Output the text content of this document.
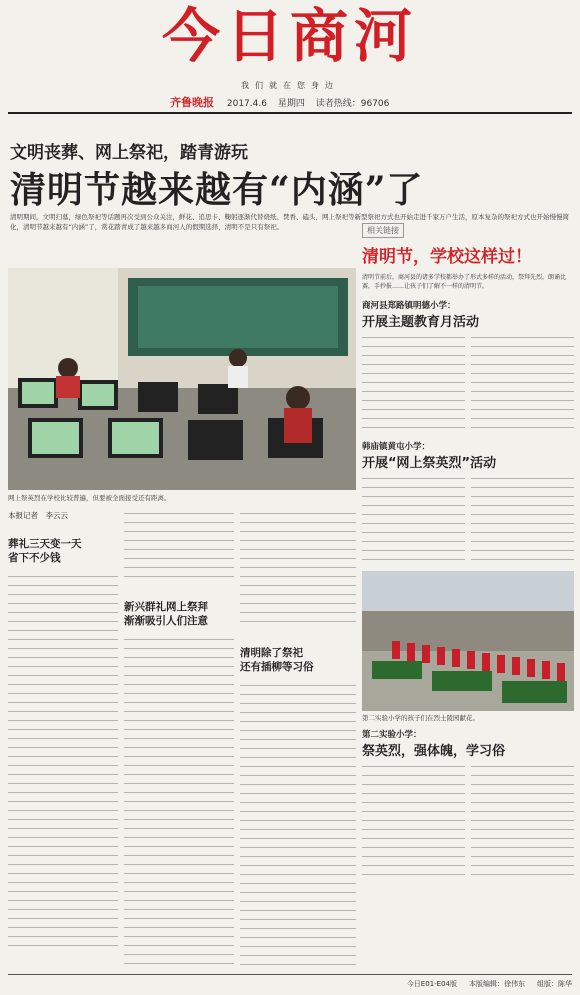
今日商河
我们就在您身边
齐鲁晚报 2017.4.6 星期四 读者热线：96706
文明丧葬、网上祭祀，踏青游玩
清明节越来越有“内涵”了
清明期间，文明扫墓，绿色祭祀等话题再次受到公众关注，鲜花、追思卡、鞠躬逐渐代替烧纸、焚香、磕头，网上祭祀等新型祭祀方式也开始走进千家万户生活，原本复杂的祭祀方式也开始慢慢简化，清明节越来越有“内涵”了，赏花踏青成了越来越多商河人的假期选择，清明不是只有祭祀。
网上祭英烈在学校比较普遍，但要被全面接受还有距离。
本报记者　李云云
葬礼三天变一天
省下不少钱
新兴群礼网上祭拜
渐渐吸引人们注意
清明除了祭祀
还有插柳等习俗
相关链接
清明节，学校这样过！
清明节前后，商河县的诸多学校都举办了形式多样的活动，祭拜先烈，朗诵比赛，手抄报……让孩子们了解不一样的清明节。
商河县郑路镇明德小学：
开展主题教育月活动
韩庙镇黄屯小学：
开展“网上祭英烈”活动
第二实验小学的孩子们在烈士陵园献花。
第二实验小学：
祭英烈，强体魄，学习俗
今日E01-E04版 本版编辑：徐伟东 组版：陈华
